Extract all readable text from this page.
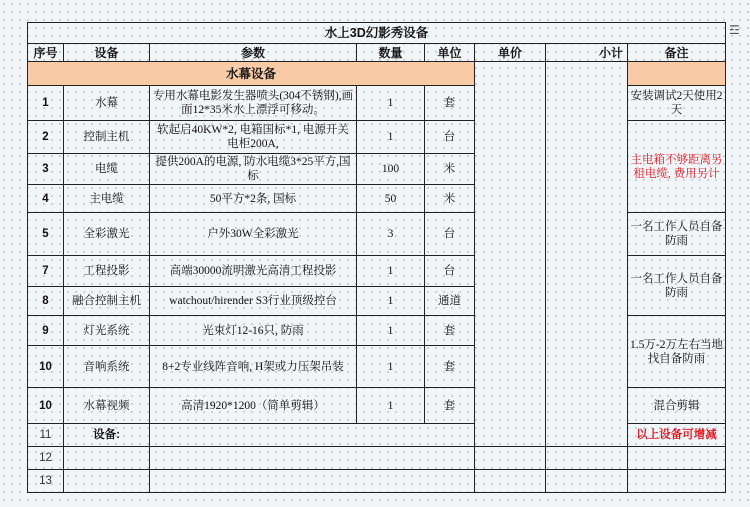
☲
水上3D幻影秀设备							
序号	设备	参数	数量	单位	单价	小计	备注
水幕设备							
1	水幕	专用水幕电影发生器喷头(304不锈钢),画面12*35米水上漂浮可移动。	1	套			安装调试2天使用2天
2	控制主机	软起启40KW*2, 电箱国标*1, 电源开关电柜200A,	1	台			主电箱不够距离另租电缆, 费用另计
3	电缆	提供200A的电源, 防水电缆3*25平方,国标	100	米			
4	主电缆	50平方*2条, 国标	50	米			
5	全彩激光	户外30W全彩激光	3	台			一名工作人员自备防雨
7	工程投影	高端30000流明激光高清工程投影	1	台			一名工作人员自备防雨
8	融合控制主机	watchout/hirender S3行业顶级控台	1	通道			
9	灯光系统	光束灯12-16只, 防雨	1	套			1.5万-2万左右当地找自备防雨
10	音响系统	8+2专业线阵音响, H架或力压架吊装	1	套			
10	水幕视频	高清1920*1200（简单剪辑）	1	套			混合剪辑
11	设备:						以上设备可增减
12							
13							
